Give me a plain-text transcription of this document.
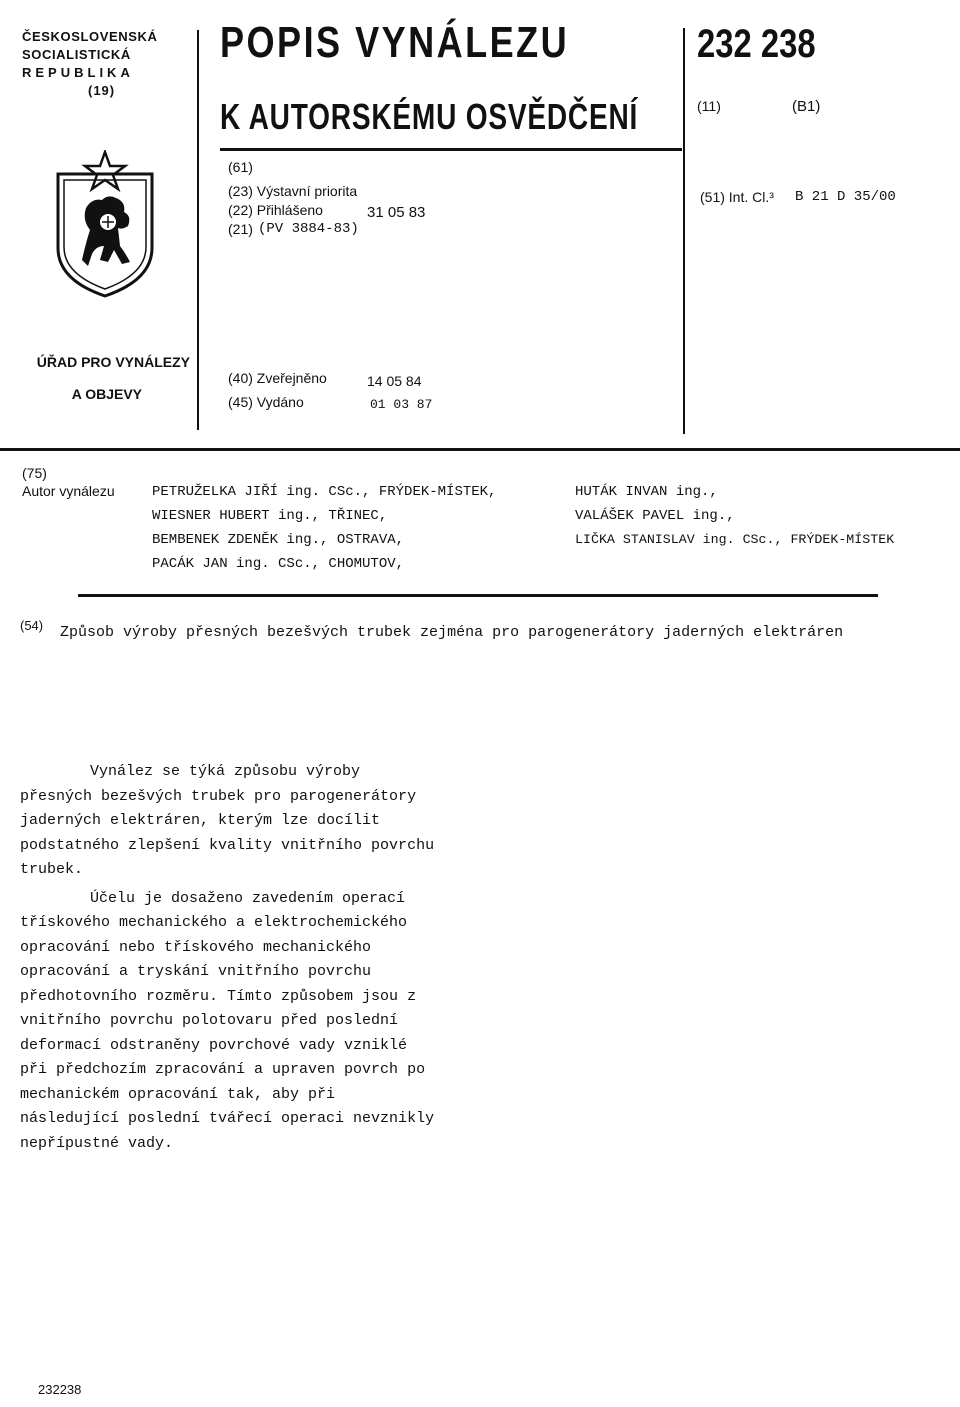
ČESKOSLOVENSKÁ
SOCIALISTICKÁ
REPUBLIKA
(19)
POPIS VYNÁLEZU
K AUTORSKÉMU OSVĚDČENÍ
232 238
(11)	(B1)
(61)
(23) Výstavní priorita
(22) Přihlášeno	31 05 83
(21) (PV 3884-83)
(51) Int. Cl.³ B 21 D 35/00
ÚŘAD PRO VYNÁLEZY
A OBJEVY
(40) Zveřejněno	14 05 84
(45) Vydáno	01 03 87
(75)
Autor vynálezu	PETRUŽELKA JIŘÍ ing. CSc., FRÝDEK-MÍSTEK,
WIESNER HUBERT ing., TŘINEC,
BEMBENEK ZDENĚK ing., OSTRAVA,
PACÁK JAN ing. CSc., CHOMUTOV,
HUTÁK INVAN ing.,
VALÁŠEK PAVEL ing.,
LIČKA STANISLAV ing. CSc., FRÝDEK-MÍSTEK
(54) Způsob výroby přesných bezešvých trubek zejména pro parogenerátory jaderných elektráren

Vynález se týká způsobu výroby přesných bezešvých trubek pro parogenerátory jaderných elektráren, kterým lze docílit podstatného zlepšení kvality vnitřního povrchu trubek.

Účelu je dosaženo zavedením operací třískového mechanického a elektrochemického opracování nebo třískového mechanického opracování a tryskání vnitřního povrchu předhotovního rozměru. Tímto způsobem jsou z vnitřního povrchu polotovaru před poslední deformací odstraněny povrchové vady vzniklé při předchozím zpracování a upraven povrch po mechanickém opracování tak, aby při následující poslední tvářecí operaci nevznikly nepřípustné vady.

232238
